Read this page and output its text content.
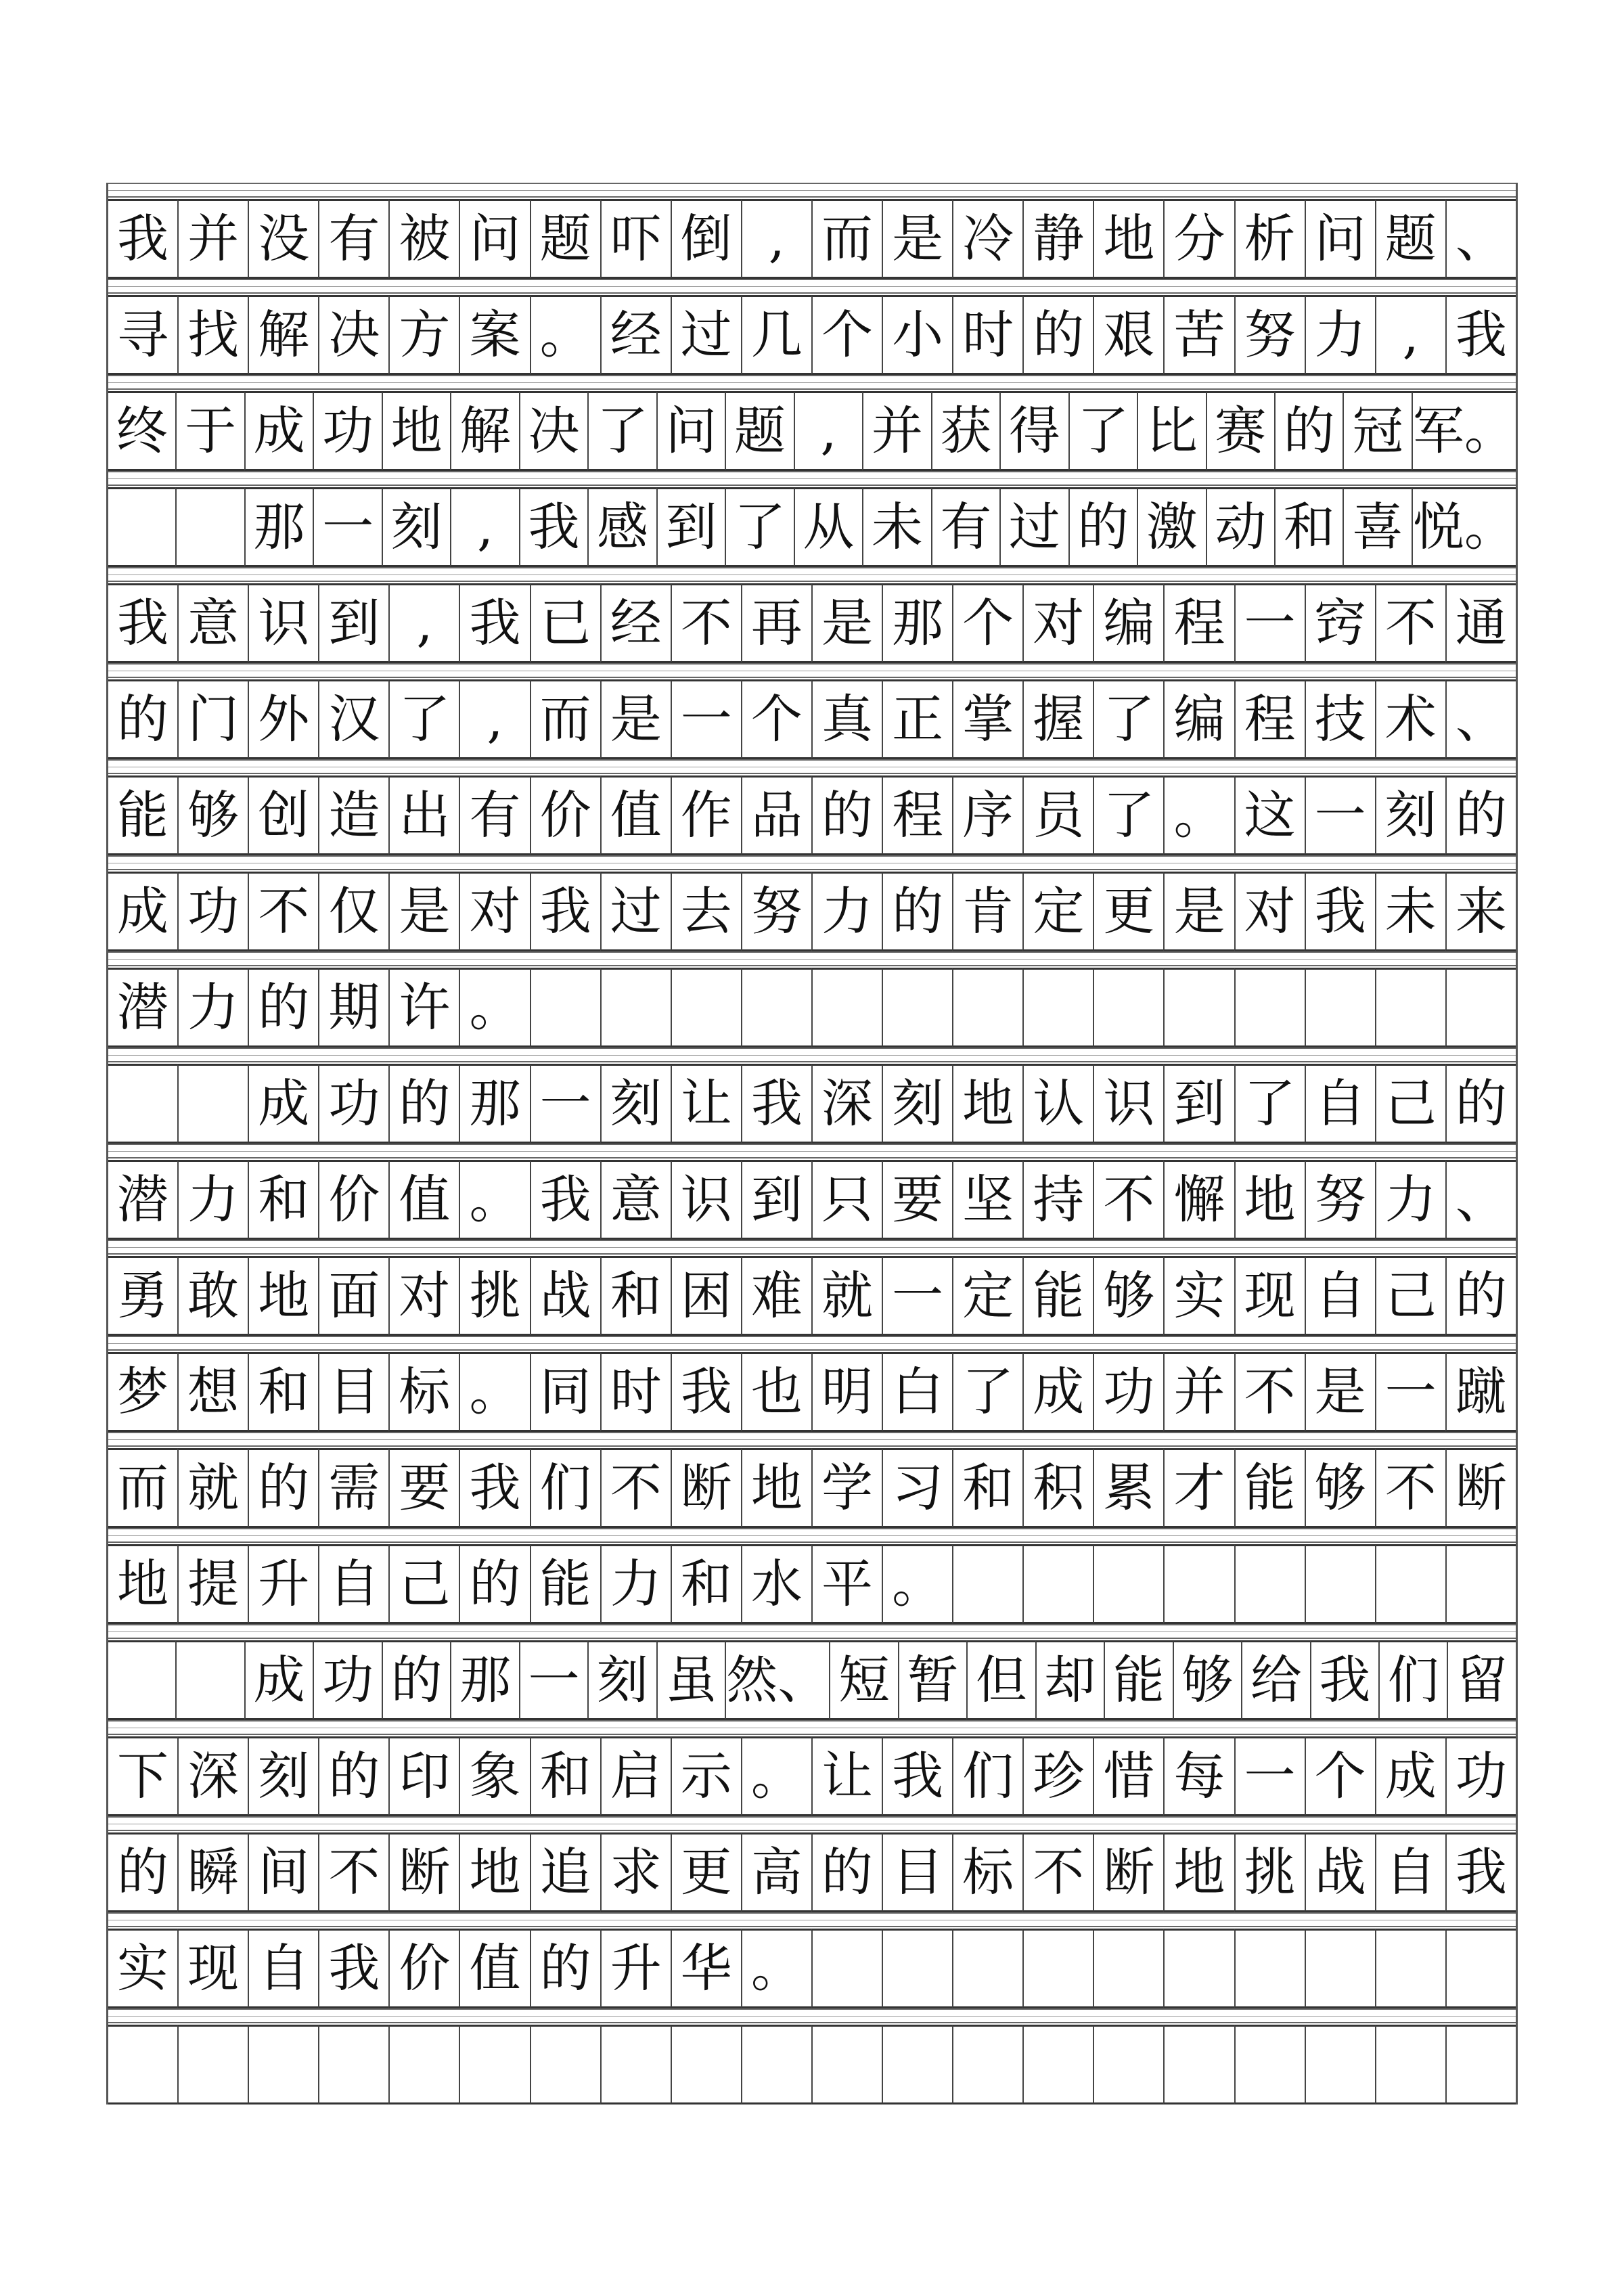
我 并 没 有 被 问 题 吓 倒 , 而 是 冷 静 地 分 析 问 题 、
寻 找 解 决 方 案 。 经 过 几 个 小 时 的 艰 苦 努 力 , 我
终 于 成 功 地 解 决 了 问 题 , 并 获 得 了 比 赛 的 冠 军。
那 一 刻 , 我 感 到 了 从 未 有 过 的 激 动 和 喜 悦。
我 意 识 到 , 我 已 经 不 再 是 那 个 对 编 程 一 窍 不 通
的 门 外 汉 了 , 而 是 一 个 真 正 掌 握 了 编 程 技 术 、
能 够 创 造 出 有 价 值 作 品 的 程 序 员 了 。 这 一 刻 的
成 功 不 仅 是 对 我 过 去 努 力 的 肯 定 更 是 对 我 未 来
潜 力 的 期 许 。
成 功 的 那 一 刻 让 我 深 刻 地 认 识 到 了 自 己 的
潜 力 和 价 值 。 我 意 识 到 只 要 坚 持 不 懈 地 努 力 、
勇 敢 地 面 对 挑 战 和 困 难 就 一 定 能 够 实 现 自 己 的
梦 想 和 目 标 。 同 时 我 也 明 白 了 成 功 并 不 是 一 蹴
而 就 的 需 要 我 们 不 断 地 学 习 和 积 累 才 能 够 不 断
地 提 升 自 己 的 能 力 和 水 平 。
成 功 的 那 一 刻 虽 然、 短 暂 但 却 能 够 给 我 们 留
下 深 刻 的 印 象 和 启 示 。 让 我 们 珍 惜 每 一 个 成 功
的 瞬 间 不 断 地 追 求 更 高 的 目 标 不 断 地 挑 战 自 我
实 现 自 我 价 值 的 升 华 。
